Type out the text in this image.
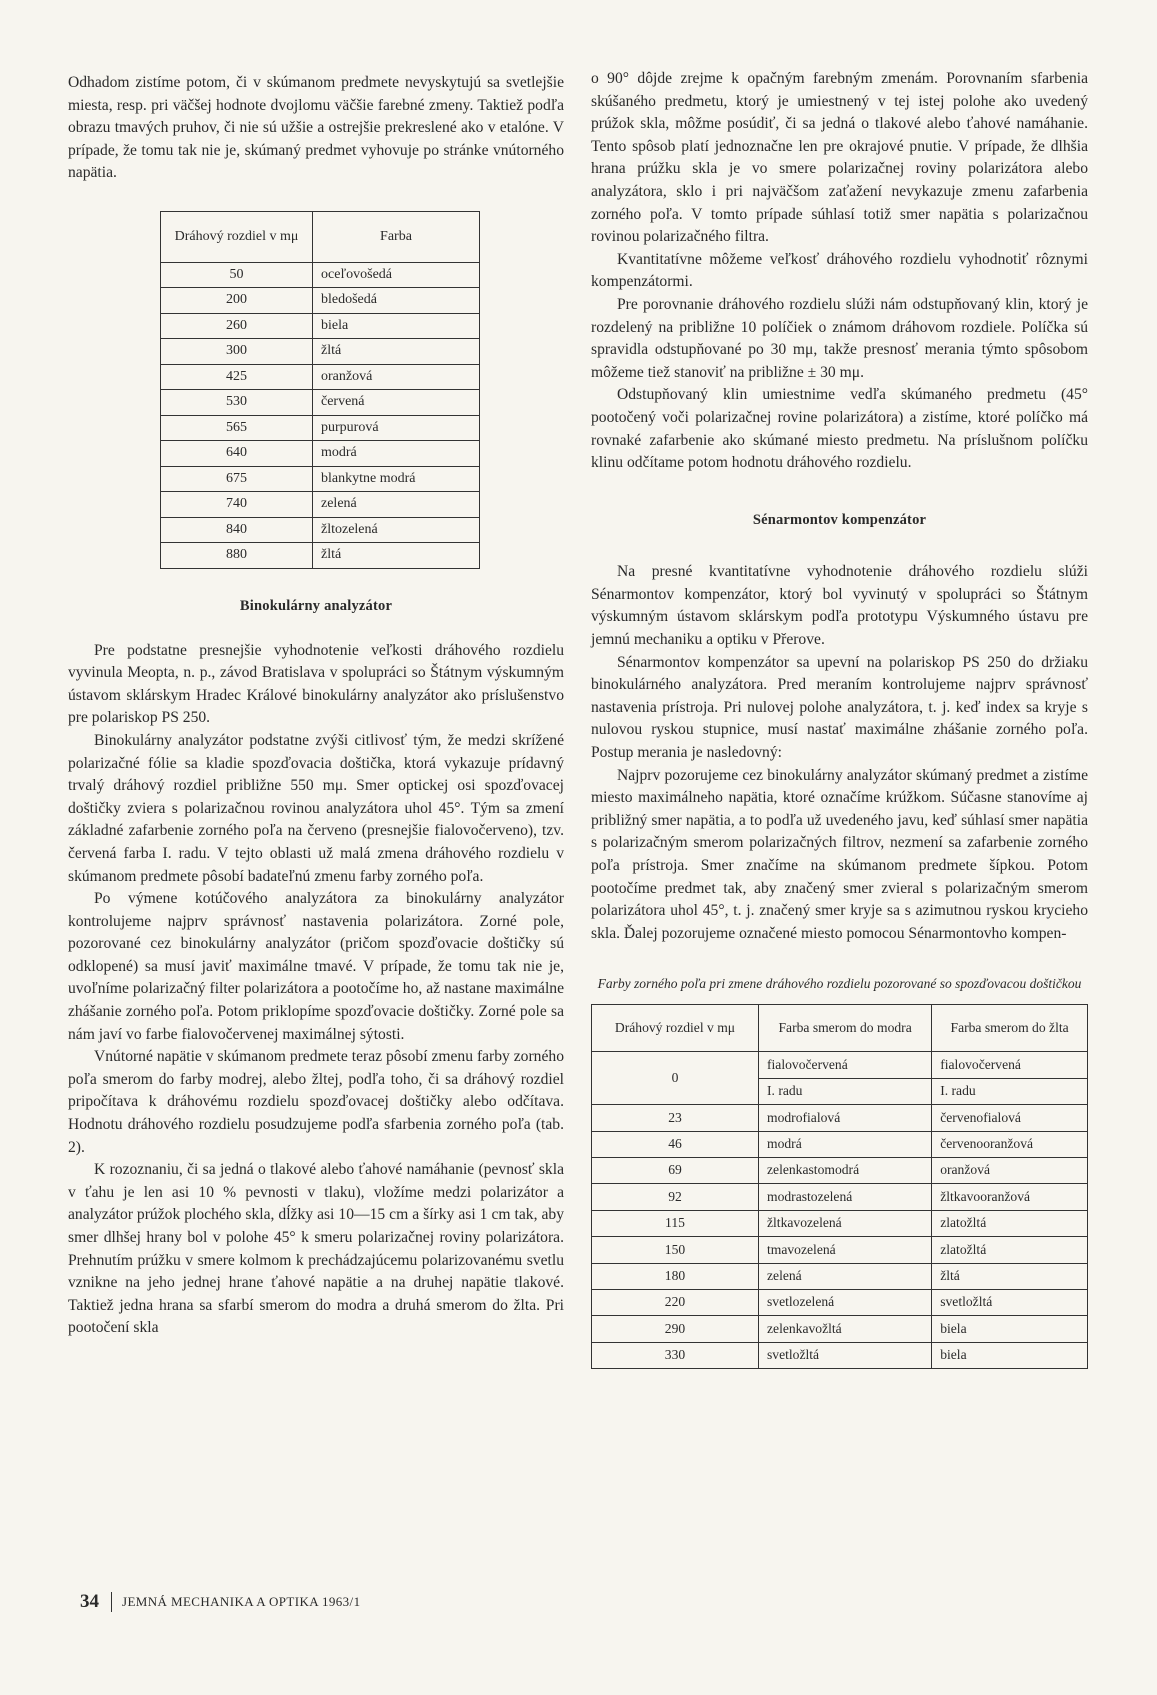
Odhadom zistíme potom, či v skúmanom predmete nevyskytujú sa svetlejšie miesta, resp. pri väčšej hodnote dvojlomu väčšie farebné zmeny. Taktiež podľa obrazu tmavých pruhov, či nie sú užšie a ostrejšie prekreslené ako v etalóne. V prípade, že tomu tak nie je, skúmaný predmet vyhovuje po stránke vnútorného napätia.

Dráhový rozdiel v mμ	Farba
50	oceľovošedá
200	bledošedá
260	biela
300	žltá
425	oranžová
530	červená
565	purpurová
640	modrá
675	blankytne modrá
740	zelená
840	žltozelená
880	žltá
Binokulárny analyzátor

Pre podstatne presnejšie vyhodnotenie veľkosti dráhového rozdielu vyvinula Meopta, n. p., závod Bratislava v spolupráci so Štátnym výskumným ústavom sklárskym Hradec Králové binokulárny analyzátor ako príslušenstvo pre polariskop PS 250.

Binokulárny analyzátor podstatne zvýši citlivosť tým, že medzi skrížené polarizačné fólie sa kladie spozďovacia doštička, ktorá vykazuje prídavný trvalý dráhový rozdiel približne 550 mμ. Smer optickej osi spozďovacej doštičky zviera s polarizačnou rovinou analyzátora uhol 45°. Tým sa zmení základné zafarbenie zorného poľa na červeno (presnejšie fialovočerveno), tzv. červená farba I. radu. V tejto oblasti už malá zmena dráhového rozdielu v skúmanom predmete pôsobí badateľnú zmenu farby zorného poľa.

Po výmene kotúčového analyzátora za binokulárny analyzátor kontrolujeme najprv správnosť nastavenia polarizátora. Zorné pole, pozorované cez binokulárny analyzátor (pričom spozďovacie doštičky sú odklopené) sa musí javiť maximálne tmavé. V prípade, že tomu tak nie je, uvoľníme polarizačný filter polarizátora a pootočíme ho, až nastane maximálne zhášanie zorného poľa. Potom priklopíme spozďovacie doštičky. Zorné pole sa nám javí vo farbe fialovočervenej maximálnej sýtosti.

Vnútorné napätie v skúmanom predmete teraz pôsobí zmenu farby zorného poľa smerom do farby modrej, alebo žltej, podľa toho, či sa dráhový rozdiel pripočítava k dráhovému rozdielu spozďovacej doštičky alebo odčítava. Hodnotu dráhového rozdielu posudzujeme podľa sfarbenia zorného poľa (tab. 2).

K rozoznaniu, či sa jedná o tlakové alebo ťahové namáhanie (pevnosť skla v ťahu je len asi 10 % pevnosti v tlaku), vložíme medzi polarizátor a analyzátor prúžok plochého skla, dĺžky asi 10—15 cm a šírky asi 1 cm tak, aby smer dlhšej hrany bol v polohe 45° k smeru polarizačnej roviny polarizátora. Prehnutím prúžku v smere kolmom k prechádzajúcemu polarizovanému svetlu vznikne na jeho jednej hrane ťahové napätie a na druhej napätie tlakové. Taktiež jedna hrana sa sfarbí smerom do modra a druhá smerom do žlta. Pri pootočení skla

o 90° dôjde zrejme k opačným farebným zmenám. Porovnaním sfarbenia skúšaného predmetu, ktorý je umiestnený v tej istej polohe ako uvedený prúžok skla, môžme posúdiť, či sa jedná o tlakové alebo ťahové namáhanie. Tento spôsob platí jednoznačne len pre okrajové pnutie. V prípade, že dlhšia hrana prúžku skla je vo smere polarizačnej roviny polarizátora alebo analyzátora, sklo i pri najväčšom zaťažení nevykazuje zmenu zafarbenia zorného poľa. V tomto prípade súhlasí totiž smer napätia s polarizačnou rovinou polarizačného filtra.

Kvantitatívne môžeme veľkosť dráhového rozdielu vyhodnotiť rôznymi kompenzátormi.

Pre porovnanie dráhového rozdielu slúži nám odstupňovaný klin, ktorý je rozdelený na približne 10 políčiek o známom dráhovom rozdiele. Políčka sú spravidla odstupňované po 30 mμ, takže presnosť merania týmto spôsobom môžeme tiež stanoviť na približne ± 30 mμ.

Odstupňovaný klin umiestnime vedľa skúmaného predmetu (45° pootočený voči polarizačnej rovine polarizátora) a zistíme, ktoré políčko má rovnaké zafarbenie ako skúmané miesto predmetu. Na príslušnom políčku klinu odčítame potom hodnotu dráhového rozdielu.

Sénarmontov kompenzátor

Na presné kvantitatívne vyhodnotenie dráhového rozdielu slúži Sénarmontov kompenzátor, ktorý bol vyvinutý v spolupráci so Štátnym výskumným ústavom sklárskym podľa prototypu Výskumného ústavu pre jemnú mechaniku a optiku v Přerove.

Sénarmontov kompenzátor sa upevní na polariskop PS 250 do držiaku binokulárného analyzátora. Pred meraním kontrolujeme najprv správnosť nastavenia prístroja. Pri nulovej polohe analyzátora, t. j. keď index sa kryje s nulovou ryskou stupnice, musí nastať maximálne zhášanie zorného poľa. Postup merania je nasledovný:

Najprv pozorujeme cez binokulárny analyzátor skúmaný predmet a zistíme miesto maximálneho napätia, ktoré označíme krúžkom. Súčasne stanovíme aj približný smer napätia, a to podľa už uvedeného javu, keď súhlasí smer napätia s polarizačným smerom polarizačných filtrov, nezmení sa zafarbenie zorného poľa prístroja. Smer značíme na skúmanom predmete šípkou. Potom pootočíme predmet tak, aby značený smer zvieral s polarizačným smerom polarizátora uhol 45°, t. j. značený smer kryje sa s azimutnou ryskou krycieho skla. Ďalej pozorujeme označené miesto pomocou Sénarmontovho kompen-

Farby zorného poľa pri zmene dráhového rozdielu pozorované so spozďovacou doštičkou
Dráhový rozdiel v mμ	Farba smerom do modra	Farba smerom do žlta
0	fialovočervená	fialovočervená
	I. radu	I. radu
23	modrofialová	červenofialová
46	modrá	červenooranžová
69	zelenkastomodrá	oranžová
92	modrastozelená	žltkavooranžová
115	žltkavozelená	zlatožltá
150	tmavozelená	zlatožltá
180	zelená	žltá
220	svetlozelená	svetložltá
290	zelenkavožltá	biela
330	svetložltá	biela
34 JEMNÁ MECHANIKA A OPTIKA 1963/1
